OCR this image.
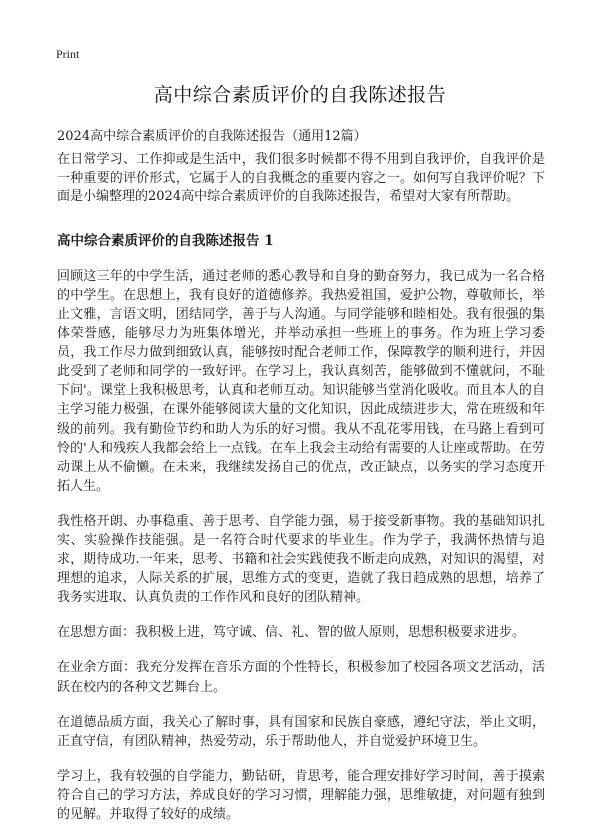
Print
高中综合素质评价的自我陈述报告

2024高中综合素质评价的自我陈述报告（通用12篇）

在日常学习、工作抑或是生活中，我们很多时候都不得不用到自我评价，自我评价是一种重要的评价形式，它属于人的自我概念的重要内容之一。如何写自我评价呢？下面是小编整理的2024高中综合素质评价的自我陈述报告，希望对大家有所帮助。

高中综合素质评价的自我陈述报告 1

回顾这三年的中学生活，通过老师的悉心教导和自身的勤奋努力，我已成为一名合格的中学生。在思想上，我有良好的道德修养。我热爱祖国，爱护公物，尊敬师长，举止文雅，言语文明，团结同学，善于与人沟通。与同学能够和睦相处。我有很强的集体荣誉感，能够尽力为班集体增光，并举动承担一些班上的事务。作为班上学习委员，我工作尽力做到细致认真，能够按时配合老师工作，保障教学的顺利进行，并因此受到了老师和同学的一致好评。在学习上，我认真刻苦，能够做到不懂就问，不耻下问'。课堂上我积极思考，认真和老师互动。知识能够当堂消化吸收。而且本人的自主学习能力极强，在课外能够阅读大量的文化知识，因此成绩进步大，常在班级和年级的前列。我有勤俭节约和助人为乐的好习惯。我从不乱花零用钱，在马路上看到可怜的'人和残疾人我都会给上一点钱。在车上我会主动给有需要的人让座或帮助。在劳动课上从不偷懒。在未来，我继续发扬自己的优点，改正缺点，以务实的学习态度开拓人生。

我性格开朗、办事稳重、善于思考、自学能力强，易于接受新事物。我的基础知识扎实、实验操作技能强。是一名符合时代要求的毕业生。作为学子，我满怀热情与追求，期待成功.一年来，思考、书籍和社会实践使我不断走向成熟，对知识的渴望，对理想的追求，人际关系的扩展，思维方式的变更，造就了我日趋成熟的思想，培养了我务实进取、认真负责的工作作风和良好的团队精神。

在思想方面：我积极上进，笃守诚、信、礼、智的做人原则，思想积极要求进步。

在业余方面：我充分发挥在音乐方面的个性特长，积极参加了校园各项文艺活动，活跃在校内的各种文艺舞台上。

在道德品质方面，我关心了解时事，具有国家和民族自豪感，遵纪守法，举止文明，正直守信，有团队精神，热爱劳动，乐于帮助他人，并自觉爱护环境卫生。

学习上，我有较强的自学能力，勤钻研，肯思考，能合理安排好学习时间，善于摸索符合自己的学习方法，养成良好的学习习惯，理解能力强，思维敏捷，对问题有独到的见解。并取得了较好的成绩。
